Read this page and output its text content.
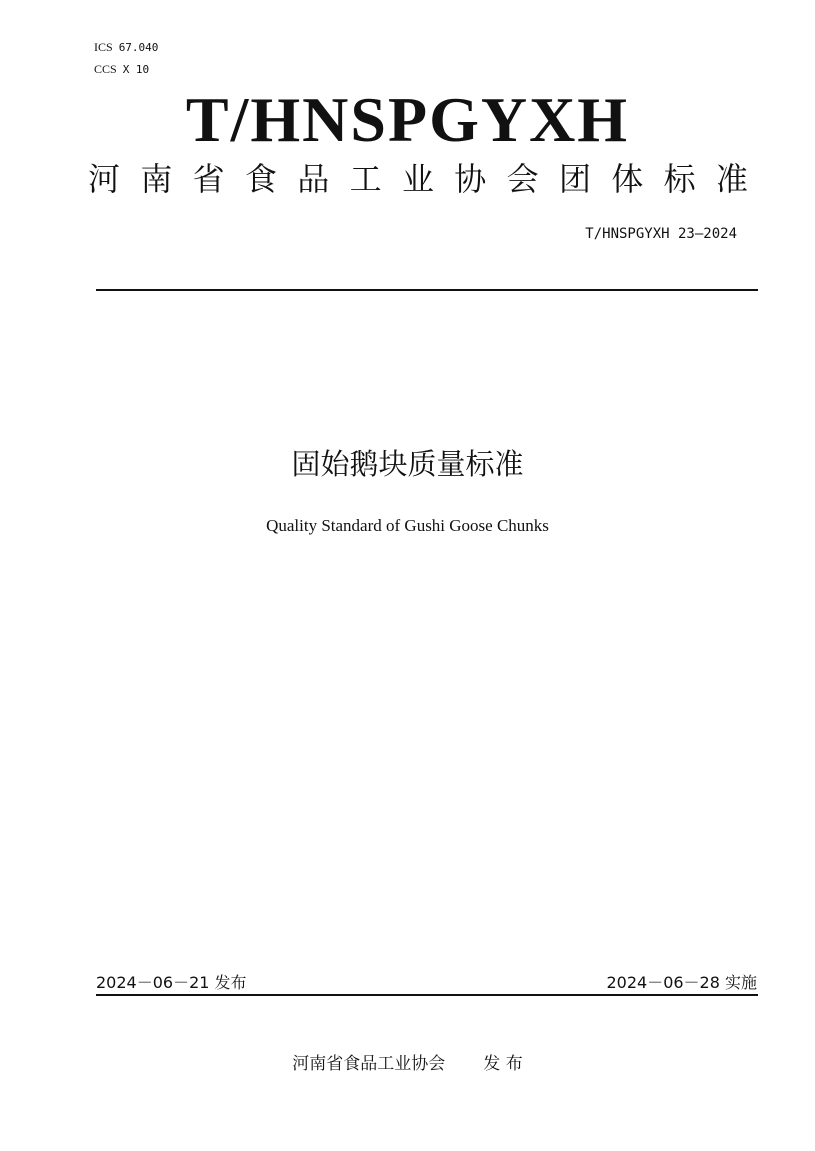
ICS 67.040
CCS X 10
T/HNSPGYXH
河 南 省 食 品 工 业 协 会 团 体 标 准
T/HNSPGYXH 23—2024
固始鹅块质量标准
Quality Standard of Gushi Goose Chunks
2024－06－21 发布	2024－06－28 实施
河南省食品工业协会 发 布
